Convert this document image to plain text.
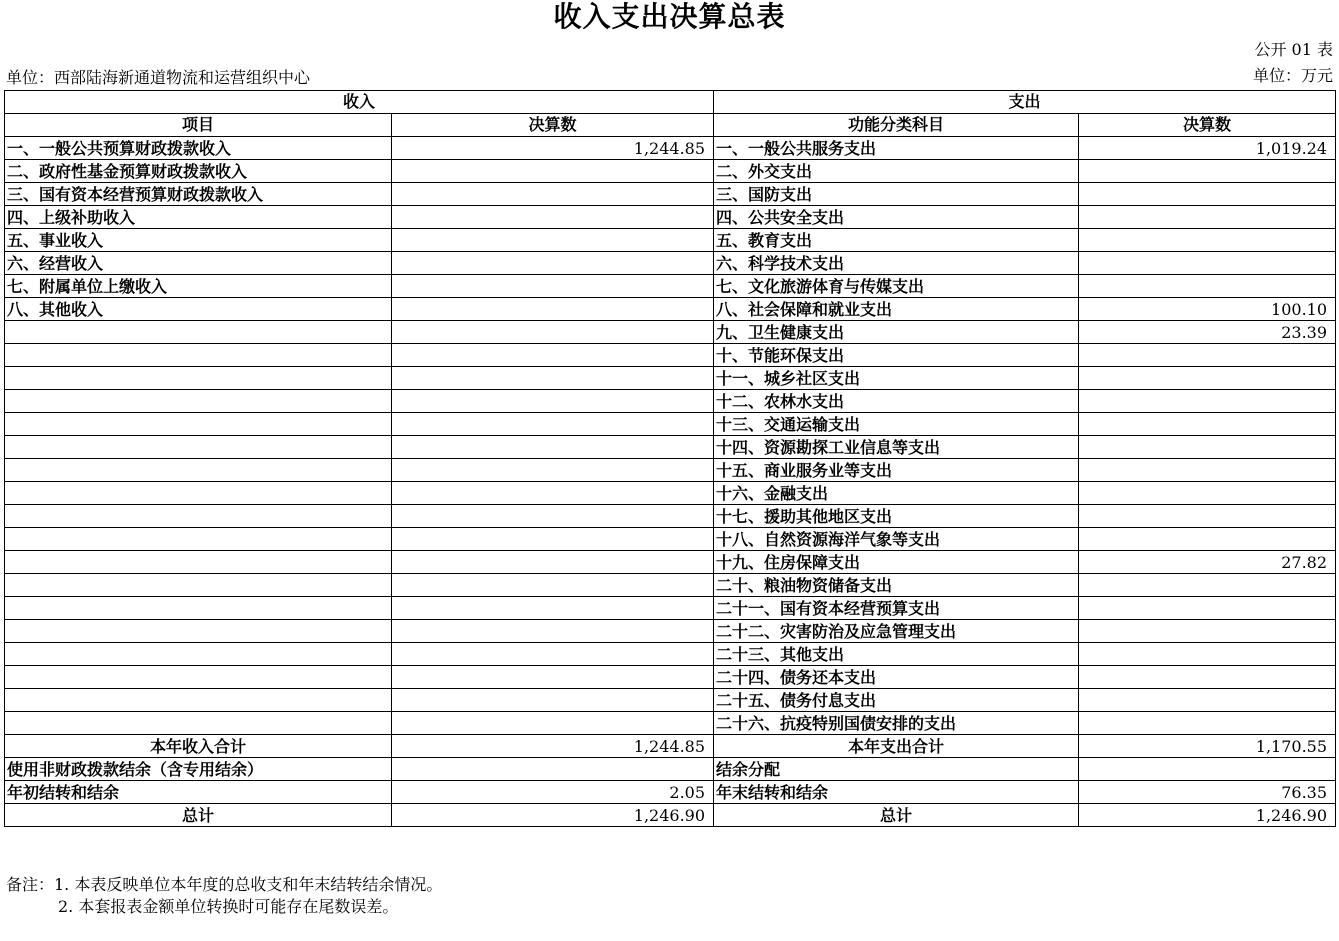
收入支出决算总表
公开 01 表
单位：西部陆海新通道物流和运营组织中心	单位：万元
收入		支出	
项目	决算数	功能分类科目	决算数
一、一般公共预算财政拨款收入	1,244.85	一、一般公共服务支出	1,019.24
二、政府性基金预算财政拨款收入		二、外交支出	
三、国有资本经营预算财政拨款收入		三、国防支出	
四、上级补助收入		四、公共安全支出	
五、事业收入		五、教育支出	
六、经营收入		六、科学技术支出	
七、附属单位上缴收入		七、文化旅游体育与传媒支出	
八、其他收入		八、社会保障和就业支出	100.10
		九、卫生健康支出	23.39
		十、节能环保支出	
		十一、城乡社区支出	
		十二、农林水支出	
		十三、交通运输支出	
		十四、资源勘探工业信息等支出	
		十五、商业服务业等支出	
		十六、金融支出	
		十七、援助其他地区支出	
		十八、自然资源海洋气象等支出	
		十九、住房保障支出	27.82
		二十、粮油物资储备支出	
		二十一、国有资本经营预算支出	
		二十二、灾害防治及应急管理支出	
		二十三、其他支出	
		二十四、债务还本支出	
		二十五、债务付息支出	
		二十六、抗疫特别国债安排的支出	
本年收入合计	1,244.85	本年支出合计	1,170.55
使用非财政拨款结余（含专用结余）		结余分配	
年初结转和结余	2.05	年末结转和结余	76.35
总计	1,246.90	总计	1,246.90
备注：1. 本表反映单位本年度的总收支和年末结转结余情况。
2. 本套报表金额单位转换时可能存在尾数误差。
